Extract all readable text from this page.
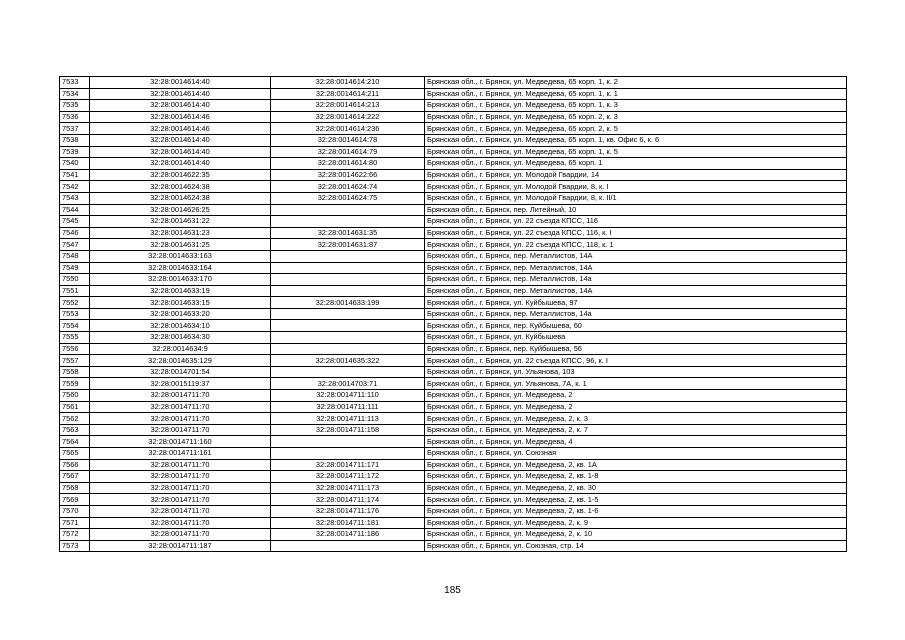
7533	32:28:0014614:40	32:28:0014614:210	Брянская обл., г. Брянск, ул. Медведева, 65 корп. 1, к. 2
7534	32:28:0014614:40	32:28:0014614:211	Брянская обл., г. Брянск, ул. Медведева, 65 корп. 1, к. 1
7535	32:28:0014614:40	32:28:0014614:213	Брянская обл., г. Брянск, ул. Медведева, 65 корп. 1, к. 3
7536	32:28:0014614:46	32:28:0014614:222	Брянская обл., г. Брянск, ул. Медведева, 65 корп. 2, к. 3
7537	32:28:0014614:46	32:28:0014614:236	Брянская обл., г. Брянск, ул. Медведева, 65 корп. 2, к. 5
7538	32:28:0014614:40	32:28:0014614:78	Брянская обл., г. Брянск, ул. Медведева, 65 корп. 1, кв. Офис 6, к. 6
7539	32:28:0014614:40	32:28:0014614:79	Брянская обл., г. Брянск, ул. Медведева, 65 корп. 1, к. 5
7540	32:28:0014614:40	32:28:0014614:80	Брянская обл., г. Брянск, ул. Медведева, 65 корп. 1
7541	32:28:0014622:35	32:28:0014622:66	Брянская обл., г. Брянск, ул. Молодой Гвардии, 14
7542	32:28:0014624:38	32:28:0014624:74	Брянская обл., г. Брянск, ул. Молодой Гвардии, 8, к. I
7543	32:28:0014624:38	32:28:0014624:75	Брянская обл., г. Брянск, ул. Молодой Гвардии, 8, к. II/1
7544	32:28:0014626:25		Брянская обл., г. Брянск, пер. Литейный, 10
7545	32:28:0014631:22		Брянская обл., г. Брянск, ул. 22 съезда КПСС, 116
7546	32:28:0014631:23	32:28:0014631:35	Брянская обл., г. Брянск, ул. 22 съезда КПСС, 116, к. I
7547	32:28:0014631:25	32:28:0014631:87	Брянская обл., г. Брянск, ул. 22 съезда КПСС, 118, к. 1
7548	32:28:0014633:163		Брянская обл., г. Брянск, пер. Металлистов, 14А
7549	32:28:0014633:164		Брянская обл., г. Брянск, пер. Металлистов, 14А
7550	32:28:0014633:170		Брянская обл., г. Брянск, пер. Металлистов, 14а
7551	32:28:0014633:19		Брянская обл., г. Брянск, пер. Металлистов, 14А
7552	32:28:0014633:15	32:28:0014633:199	Брянская обл., г. Брянск, ул. Куйбышева, 97
7553	32:28:0014633:20		Брянская обл., г. Брянск, пер. Металлистов, 14а
7554	32:28:0014634:10		Брянская обл., г. Брянск, пер. Куйбышева, 60
7555	32:28:0014634:30		Брянская обл., г. Брянск, ул. Куйбышева
7556	32:28:0014634:9		Брянская обл., г. Брянск, пер. Куйбышева, 56
7557	32:28:0014635:129	32:28:0014635:322	Брянская обл., г. Брянск, ул. 22 съезда КПСС, 96, к. I
7558	32:28:0014701:54		Брянская обл., г. Брянск, ул. Ульянова, 103
7559	32:28:0015119:37	32:28:0014703:71	Брянская обл., г. Брянск, ул. Ульянова, 7А, к. 1
7560	32:28:0014711:70	32:28:0014711:110	Брянская обл., г. Брянск, ул. Медведева, 2
7561	32:28:0014711:70	32:28:0014711:111	Брянская обл., г. Брянск, ул. Медведева, 2
7562	32:28:0014711:70	32:28:0014711:113	Брянская обл., г. Брянск, ул. Медведева, 2, к. 3
7563	32:28:0014711:70	32:28:0014711:158	Брянская обл., г. Брянск, ул. Медведева, 2, к. 7
7564	32:28:0014711:160		Брянская обл., г. Брянск, ул. Медведева, 4
7565	32:28:0014711:161		Брянская обл., г. Брянск, ул. Союзная
7566	32:28:0014711:70	32:28:0014711:171	Брянская обл., г. Брянск, ул. Медведева, 2, кв. 1А
7567	32:28:0014711:70	32:28:0014711:172	Брянская обл., г. Брянск, ул. Медведева, 2, кв. 1-8
7568	32:28:0014711:70	32:28:0014711:173	Брянская обл., г. Брянск, ул. Медведева, 2, кв. 30
7569	32:28:0014711:70	32:28:0014711:174	Брянская обл., г. Брянск, ул. Медведева, 2, кв. 1-5
7570	32:28:0014711:70	32:28:0014711:176	Брянская обл., г. Брянск, ул. Медведева, 2, кв. 1-6
7571	32:28:0014711:70	32:28:0014711:181	Брянская обл., г. Брянск, ул. Медведева, 2, к. 9
7572	32:28:0014711:70	32:28:0014711:186	Брянская обл., г. Брянск, ул. Медведева, 2, к. 10
7573	32:28:0014711:187		Брянская обл., г. Брянск, ул. Союзная, стр. 14
185
